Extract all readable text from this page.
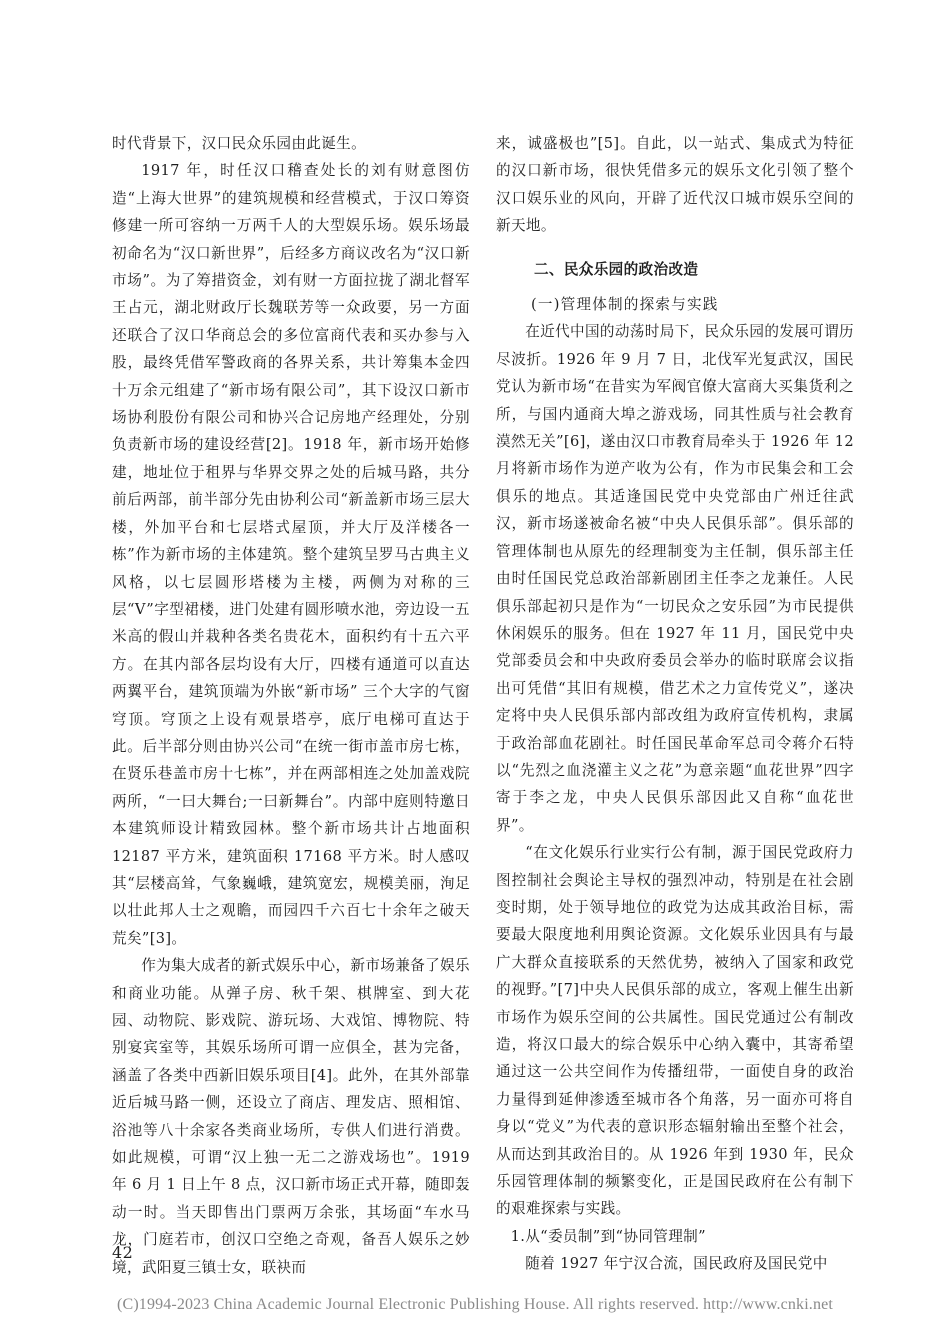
时代背景下，汉口民众乐园由此诞生。

1917 年，时任汉口稽查处长的刘有财意图仿造“上海大世界”的建筑规模和经营模式，于汉口筹资修建一所可容纳一万两千人的大型娱乐场。娱乐场最初命名为“汉口新世界”，后经多方商议改名为“汉口新市场”。为了筹措资金，刘有财一方面拉拢了湖北督军王占元，湖北财政厅长魏联芳等一众政要，另一方面还联合了汉口华商总会的多位富商代表和买办参与入股，最终凭借军警政商的各界关系，共计筹集本金四十万余元组建了“新市场有限公司”，其下设汉口新市场协利股份有限公司和协兴合记房地产经理处，分别负责新市场的建设经营[2]。1918 年，新市场开始修建，地址位于租界与华界交界之处的后城马路，共分前后两部，前半部分先由协利公司“新盖新市场三层大楼，外加平台和七层塔式屋顶，并大厅及洋楼各一栋”作为新市场的主体建筑。整个建筑呈罗马古典主义风格，以七层圆形塔楼为主楼，两侧为对称的三层“V”字型裙楼，进门处建有圆形喷水池，旁边设一五米高的假山并栽种各类名贵花木，面积约有十五六平方。在其内部各层均设有大厅，四楼有通道可以直达两翼平台，建筑顶端为外嵌“新市场” 三个大字的气窗穹顶。穹顶之上设有观景塔亭，底厅电梯可直达于此。后半部分则由协兴公司“在统一街市盖市房七栋，在贤乐巷盖市房十七栋”，并在两部相连之处加盖戏院两所，“一曰大舞台;一曰新舞台”。内部中庭则特邀日本建筑师设计精致园林。整个新市场共计占地面积 12187 平方米，建筑面积 17168 平方米。时人感叹其“层楼高耸，气象巍峨，建筑宽宏，规模美丽，洵足以壮此邦人士之观瞻，而园四千六百七十余年之破天荒矣”[3]。

作为集大成者的新式娱乐中心，新市场兼备了娱乐和商业功能。从弹子房、秋千架、棋牌室、到大花园、动物院、影戏院、游玩场、大戏馆、博物院、特别宴宾室等，其娱乐场所可谓一应俱全，甚为完备，涵盖了各类中西新旧娱乐项目[4]。此外，在其外部靠近后城马路一侧，还设立了商店、理发店、照相馆、浴池等八十余家各类商业场所，专供人们进行消费。如此规模，可谓“汉上独一无二之游戏场也”。1919 年 6 月 1 日上午 8 点，汉口新市场正式开幕，随即轰动一时。当天即售出门票两万余张，其场面“车水马龙，门庭若市，创汉口空绝之奇观，备吾人娱乐之妙境，武阳夏三镇士女，联袂而

来，诚盛极也”[5]。自此，以一站式、集成式为特征的汉口新市场，很快凭借多元的娱乐文化引领了整个汉口娱乐业的风向，开辟了近代汉口城市娱乐空间的新天地。

二、民众乐园的政治改造

(一)管理体制的探索与实践

在近代中国的动荡时局下，民众乐园的发展可谓历尽波折。1926 年 9 月 7 日，北伐军光复武汉，国民党认为新市场“在昔实为军阀官僚大富商大买集货利之所，与国内通商大埠之游戏场，同其性质与社会教育漠然无关”[6]，遂由汉口市教育局牵头于 1926 年 12 月将新市场作为逆产收为公有，作为市民集会和工会俱乐的地点。其适逢国民党中央党部由广州迁往武汉，新市场遂被命名被“中央人民俱乐部”。俱乐部的管理体制也从原先的经理制变为主任制，俱乐部主任由时任国民党总政治部新剧团主任李之龙兼任。人民俱乐部起初只是作为“一切民众之安乐园”为市民提供休闲娱乐的服务。但在 1927 年 11 月，国民党中央党部委员会和中央政府委员会举办的临时联席会议指出可凭借“其旧有规模，借艺术之力宣传党义”，遂决定将中央人民俱乐部内部改组为政府宣传机构，隶属于政治部血花剧社。时任国民革命军总司令蒋介石特以“先烈之血浇灌主义之花”为意亲题“血花世界”四字寄于李之龙，中央人民俱乐部因此又自称“血花世界”。

“在文化娱乐行业实行公有制，源于国民党政府力图控制社会舆论主导权的强烈冲动，特别是在社会剧变时期，处于领导地位的政党为达成其政治目标，需要最大限度地利用舆论资源。文化娱乐业因具有与最广大群众直接联系的天然优势，被纳入了国家和政党的视野。”[7]中央人民俱乐部的成立，客观上催生出新市场作为娱乐空间的公共属性。国民党通过公有制改造，将汉口最大的综合娱乐中心纳入囊中，其寄希望通过这一公共空间作为传播纽带，一面使自身的政治力量得到延伸渗透至城市各个角落，另一面亦可将自身以“党义”为代表的意识形态辐射输出至整个社会，从而达到其政治目的。从 1926 年到 1930 年，民众乐园管理体制的频繁变化，正是国民政府在公有制下的艰难探索与实践。

1.从“委员制”到“协同管理制”

随着 1927 年宁汉合流，国民政府及国民党中

42
(C)1994-2023 China Academic Journal Electronic Publishing House. All rights reserved. http://www.cnki.net
